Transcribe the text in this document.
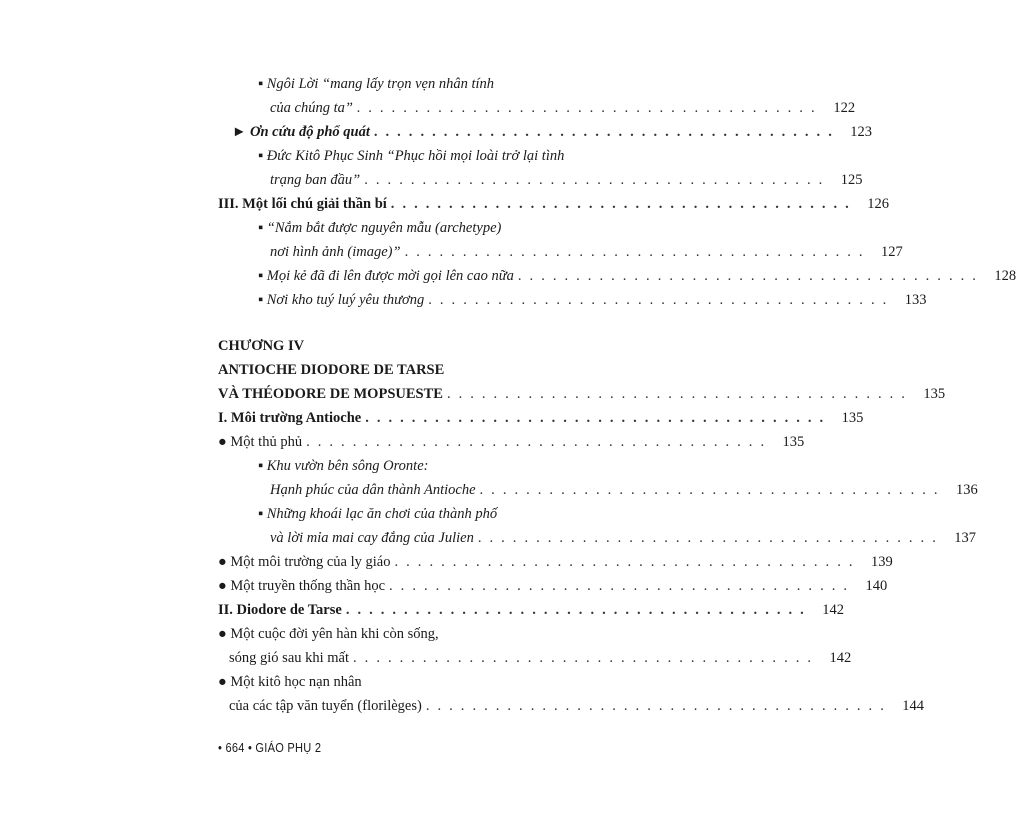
▪ Ngôi Lời “mang lấy trọn vẹn nhân tính
của chúng ta” . . . . . . . . . . . . . . . . . . . . . . . . . . . . . . . . . . . . . . . .	122
► Ơn cứu độ phổ quát . . . . . . . . . . . . . . . . . . . . . . . . . . . . . . . . . . . . . . . .	123
▪ Đức Kitô Phục Sinh “Phục hồi mọi loài trở lại tình
trạng ban đầu” . . . . . . . . . . . . . . . . . . . . . . . . . . . . . . . . . . . . . . . .	125
III. Một lối chú giải thần bí . . . . . . . . . . . . . . . . . . . . . . . . . . . . . . . . . . . . . . . .	126
▪ “Nắm bắt được nguyên mẫu (archetype)
nơi hình ảnh (image)” . . . . . . . . . . . . . . . . . . . . . . . . . . . . . . . . . . . . . . . .	127
▪ Mọi kẻ đã đi lên được mời gọi lên cao nữa . . . . . . . . . . . . . . . . . . . . . . . . . . . . . . . . . . . . . . . .	128
▪ Nơi kho tuý luý yêu thương . . . . . . . . . . . . . . . . . . . . . . . . . . . . . . . . . . . . . . . .	133
CHƯƠNG IV
ANTIOCHE DIODORE DE TARSE
VÀ THÉODORE DE MOPSUESTE . . . . . . . . . . . . . . . . . . . . . . . . . . . . . . . . . . . . . . . .	135
I. Môi trường Antioche . . . . . . . . . . . . . . . . . . . . . . . . . . . . . . . . . . . . . . . .	135
● Một thủ phủ . . . . . . . . . . . . . . . . . . . . . . . . . . . . . . . . . . . . . . . .	135
▪ Khu vườn bên sông Oronte:
Hạnh phúc của dân thành Antioche . . . . . . . . . . . . . . . . . . . . . . . . . . . . . . . . . . . . . . . .	136
▪ Những khoái lạc ăn chơi của thành phố
và lời mỉa mai cay đắng của Julien . . . . . . . . . . . . . . . . . . . . . . . . . . . . . . . . . . . . . . . .	137
● Một môi trường của ly giáo . . . . . . . . . . . . . . . . . . . . . . . . . . . . . . . . . . . . . . . .	139
● Một truyền thống thần học . . . . . . . . . . . . . . . . . . . . . . . . . . . . . . . . . . . . . . . .	140
II. Diodore de Tarse . . . . . . . . . . . . . . . . . . . . . . . . . . . . . . . . . . . . . . . .	142
● Một cuộc đời yên hàn khi còn sống,
sóng gió sau khi mất . . . . . . . . . . . . . . . . . . . . . . . . . . . . . . . . . . . . . . . .	142
● Một kitô học nạn nhân
của các tập văn tuyển (florilèges) . . . . . . . . . . . . . . . . . . . . . . . . . . . . . . . . . . . . . . . .	144
• 664 • GIÁO PHỤ 2
